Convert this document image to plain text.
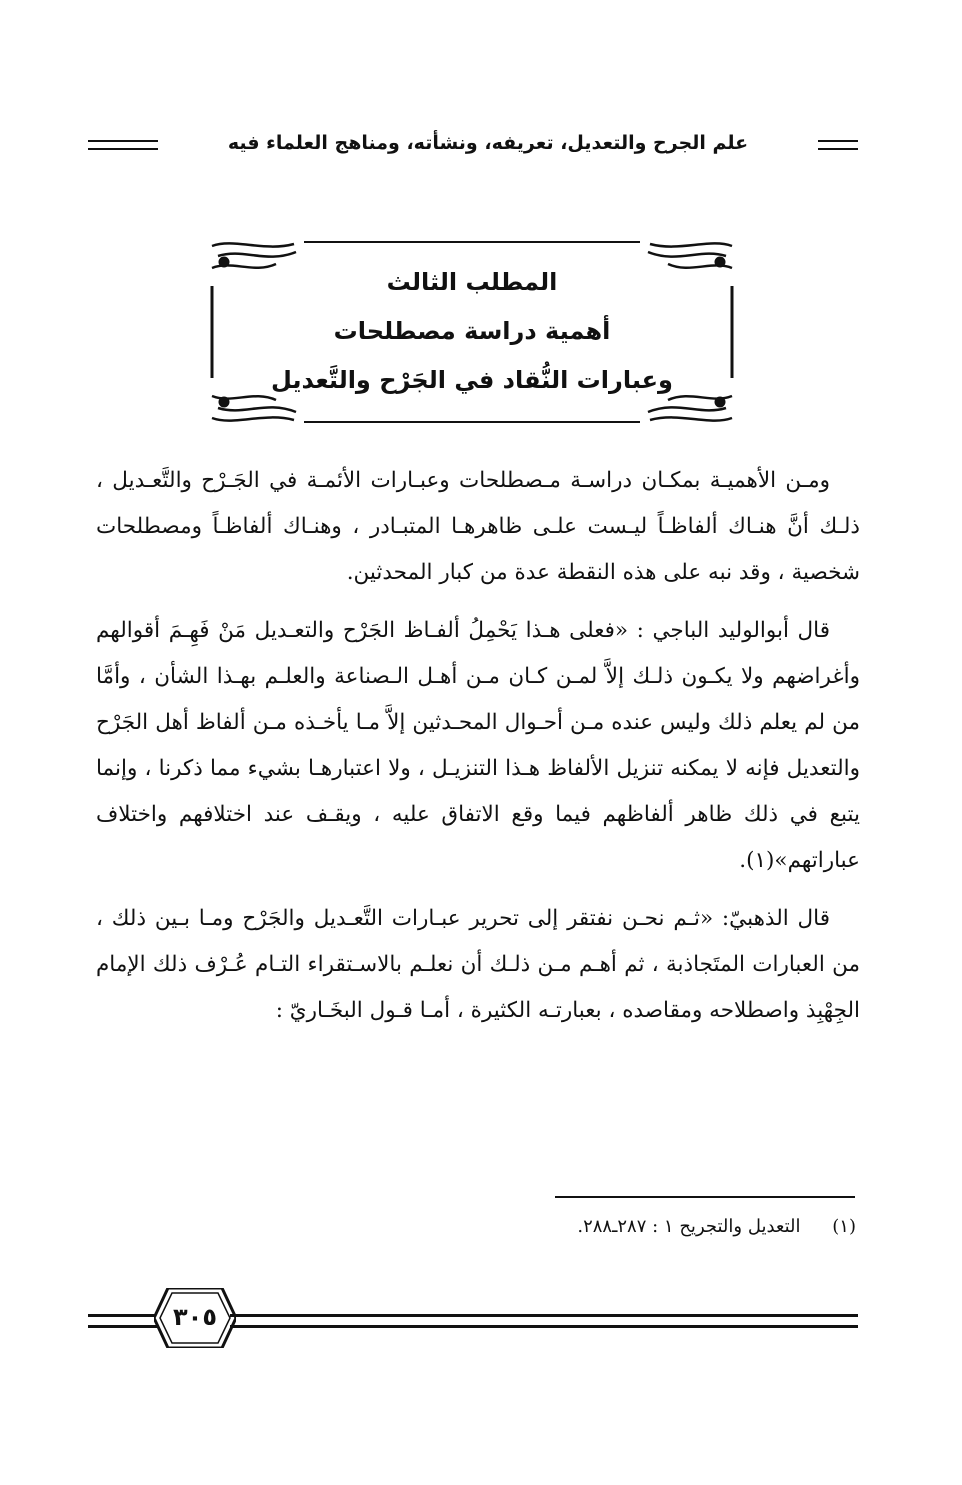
علم الجرح والتعديل، تعريفه، ونشأته، ومناهج العلماء فيه
المطلب الثالث
أهمية دراسة مصطلحات
وعبارات النُّقاد في الجَرْح والتَّعديل

ومـن الأهميـة بمكـان دراسـة مـصطلحات وعبـارات الأئمـة في الجَـرْح والتَّعـديل ، ذلـك أنَّ هنـاك ألفاظـاً ليـست علـى ظاهرهـا المتبـادر ، وهنـاك ألفاظـاً ومصطلحات شخصية ، وقد نبه على هذه النقطة عدة من كبار المحدثين.

قال أبوالوليد الباجي : «فعلى هـذا يَحْمِلُ ألفـاظ الجَرْح والتعـديل مَنْ فَهِـمَ أقوالهم وأغراضهم ولا يكـون ذلـك إلاَّ لمـن كـان مـن أهـل الـصناعة والعلـم بهـذا الشأن ، وأمَّا من لم يعلم ذلك وليس عنده مـن أحـوال المحـدثين إلاَّ مـا يأخـذه مـن ألفاظ أهل الجَرْح والتعديل فإنه لا يمكنه تنزيل الألفاظ هـذا التنزيـل ، ولا اعتبارهـا بشيء مما ذكرنا ، وإنما يتبع في ذلك ظاهر ألفاظهم فيما وقع الاتفاق عليه ، ويقـف عند اختلافهم واختلاف عباراتهم»(١).

قال الذهبيّ: «ثـم نحـن نفتقر إلى تحرير عبـارات التَّعـديل والجَرْح ومـا بـين ذلك ، من العبارات المتَجاذبة ، ثم أهـم مـن ذلـك أن نعلـم بالاسـتقراء التـام عُـرْف ذلك الإمام الجِهْبِذ واصطلاحه ومقاصده ، بعبارتـه الكثيرة ، أمـا قـول البخَـاريّ :

(١) التعديل والتجريح ١ : ٢٨٧ـ٢٨٨.
٣٠٥
